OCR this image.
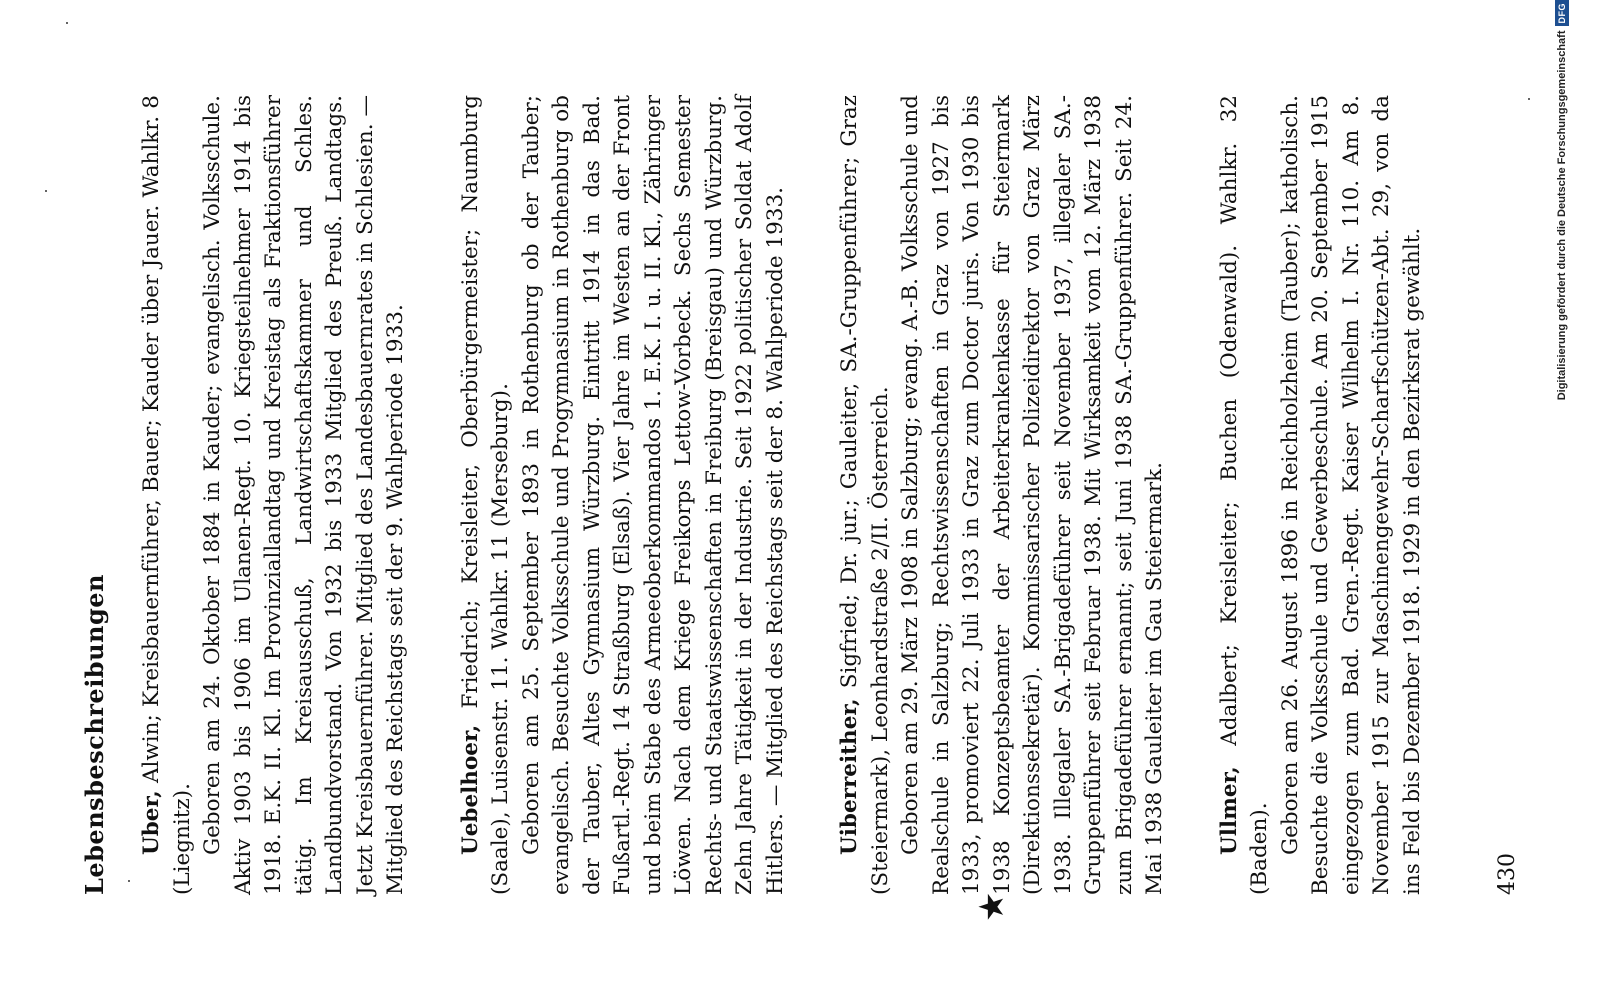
Lebensbeschreibungen Uber, Alwin; Kreisbauernführer, Bauer; Kauder über Jauer. Wahlkr. 8 (Liegnitz). Geboren am 24. Oktober 1884 in Kauder; evangelisch. Volksschule. Aktiv 1903 bis 1906 im Ulanen-Regt. 10. Kriegsteilnehmer 1914 bis 1918. E.K. II. Kl. Im Provinziallandtag und Kreistag als Fraktionsführer tätig. Im Kreisausschuß, Landwirtschaftskammer und Schles. Landbundvorstand. Von 1932 bis 1933 Mitglied des Preuß. Landtags. Jetzt Kreisbauernführer. Mitglied des Landesbauernrates in Schlesien. — Mitglied des Reichstags seit der 9. Wahlperiode 1933. Uebelhoer, Friedrich; Kreisleiter, Oberbürgermeister; Naumburg (Saale), Luisenstr. 11. Wahlkr. 11 (Merseburg). Geboren am 25. September 1893 in Rothenburg ob der Tauber; evangelisch. Besuchte Volksschule und Progymnasium in Rothenburg ob der Tauber, Altes Gymnasium Würzburg. Eintritt 1914 in das Bad. Fußartl.-Regt. 14 Straßburg (Elsaß). Vier Jahre im Westen an der Front und beim Stabe des Armeeoberkommandos 1. E.K. I. u. II. Kl., Zähringer Löwen. Nach dem Kriege Freikorps Lettow-Vorbeck. Sechs Semester Rechts- und Staatswissenschaften in Freiburg (Breisgau) und Würzburg. Zehn Jahre Tätigkeit in der Industrie. Seit 1922 politischer Soldat Adolf Hitlers. — Mitglied des Reichstags seit der 8. Wahlperiode 1933. Uiberreither, Sigfried; Dr. jur.; Gauleiter, SA.-Gruppenführer; Graz (Steiermark), Leonhardstraße 2/II. Österreich. Geboren am 29. März 1908 in Salzburg; evang. A.-B. Volksschule und Realschule in Salzburg; Rechtswissenschaften in Graz von 1927 bis 1933, promoviert 22. Juli 1933 in Graz zum Doctor juris. Von 1930 bis 1938 Konzeptsbeamter der Arbeiterkrankenkasse für Steiermark (Direktionssekretär). Kommissarischer Polizeidirektor von Graz März 1938. Illegaler SA.-Brigadeführer seit November 1937, illegaler SA.-Gruppenführer seit Februar 1938. Mit Wirksamkeit vom 12. März 1938 zum Brigadeführer ernannt; seit Juni 1938 SA.-Gruppenführer. Seit 24. Mai 1938 Gauleiter im Gau Steiermark. Ullmer, Adalbert; Kreisleiter; Buchen (Odenwald). Wahlkr. 32 (Baden). Geboren am 26. August 1896 in Reichholzheim (Tauber); katholisch. Besuchte die Volksschule und Gewerbeschule. Am 20. September 1915 eingezogen zum Bad. Gren.-Regt. Kaiser Wilhelm I. Nr. 110. Am 8. November 1915 zur Maschinengewehr-Scharfschützen-Abt. 29, von da ins Feld bis Dezember 1918. 1929 in den Bezirksrat gewählt.

★
430
Digitalisierung gefördert durch die Deutsche ForschungsgemeinschaftDFG
